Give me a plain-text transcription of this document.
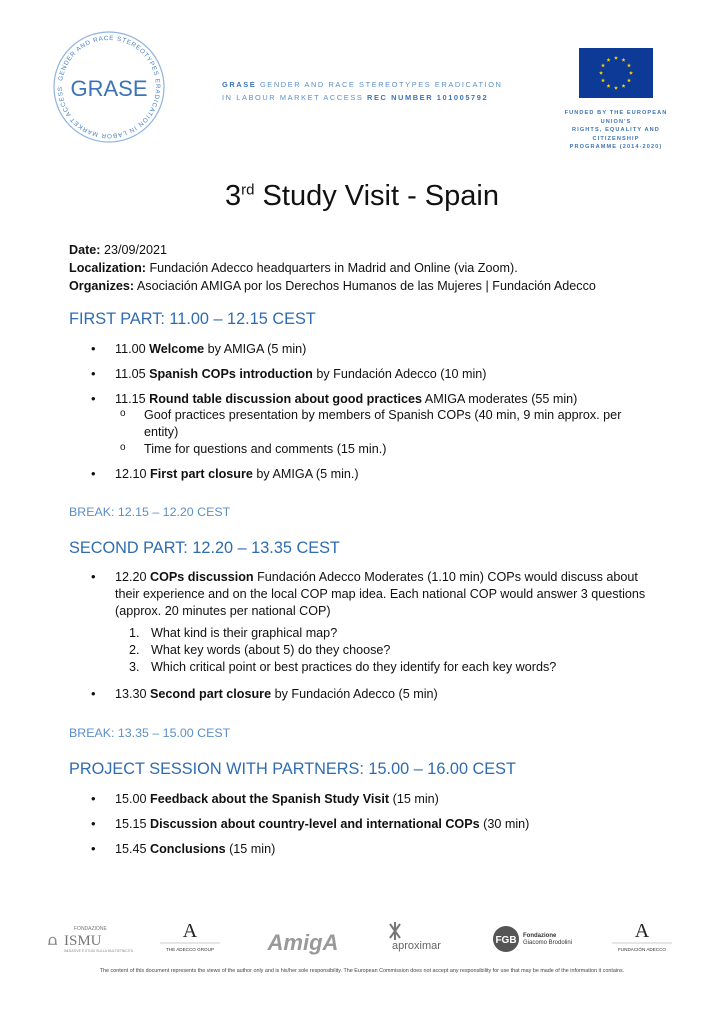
GENDER AND RACE STEREOTYPES ERADICATION IN LABOR MARKET ACCESS GRASE	GRASE GENDER AND RACE STEREOTYPES ERADICATION
IN LABOUR MARKET ACCESS REC NUMBER 101005792
FUNDED BY THE EUROPEAN UNION'S
RIGHTS, EQUALITY AND CITIZENSHIP
PROGRAMME (2014-2020)
3rd Study Visit - Spain
Date: 23/09/2021
Localization: Fundación Adecco headquarters in Madrid and Online (via Zoom).
Organizes: Asociación AMIGA por los Derechos Humanos de las Mujeres | Fundación Adecco
FIRST PART: 11.00 – 12.15 CEST
• 11.00 Welcome by AMIGA (5 min)
• 11.05 Spanish COPs introduction by Fundación Adecco (10 min)
• 11.15 Round table discussion about good practices AMIGA moderates (55 min)
o Goof practices presentation by members of Spanish COPs (40 min, 9 min approx. per entity)
o Time for questions and comments (15 min.)
• 12.10 First part closure by AMIGA (5 min.)
BREAK: 12.15 – 12.20 CEST
SECOND PART: 12.20 – 13.35 CEST
• 12.20 COPs discussion Fundación Adecco Moderates (1.10 min) COPs would discuss about their experience and on the local COP map idea. Each national COP would answer 3 questions (approx. 20 minutes per national COP)
1. What kind is their graphical map?
2. What key words (about 5) do they choose?
3. Which critical point or best practices do they identify for each key words?
• 13.30 Second part closure by Fundación Adecco (5 min)
BREAK: 13.35 – 15.00 CEST
PROJECT SESSION WITH PARTNERS: 15.00 – 16.00 CEST
• 15.00 Feedback about the Spanish Study Visit (15 min)
• 15.15 Discussion about country-level and international COPs (30 min)
• 15.45 Conclusions (15 min)
FONDAZIONE
⩍ ISMU
INIZIATIVE E STUDI SULLA MULTIETNICITÀ
A
THE ADECCO GROUP AmigA	aproximar	FGB Fondazione
Giacomo Brodolini
A
FUNDACIÓN ADECCO
The content of this document represents the views of the author only and is his/her sole responsibility. The European Commission does not accept any responsibility for use that may be made of the information it contains.
